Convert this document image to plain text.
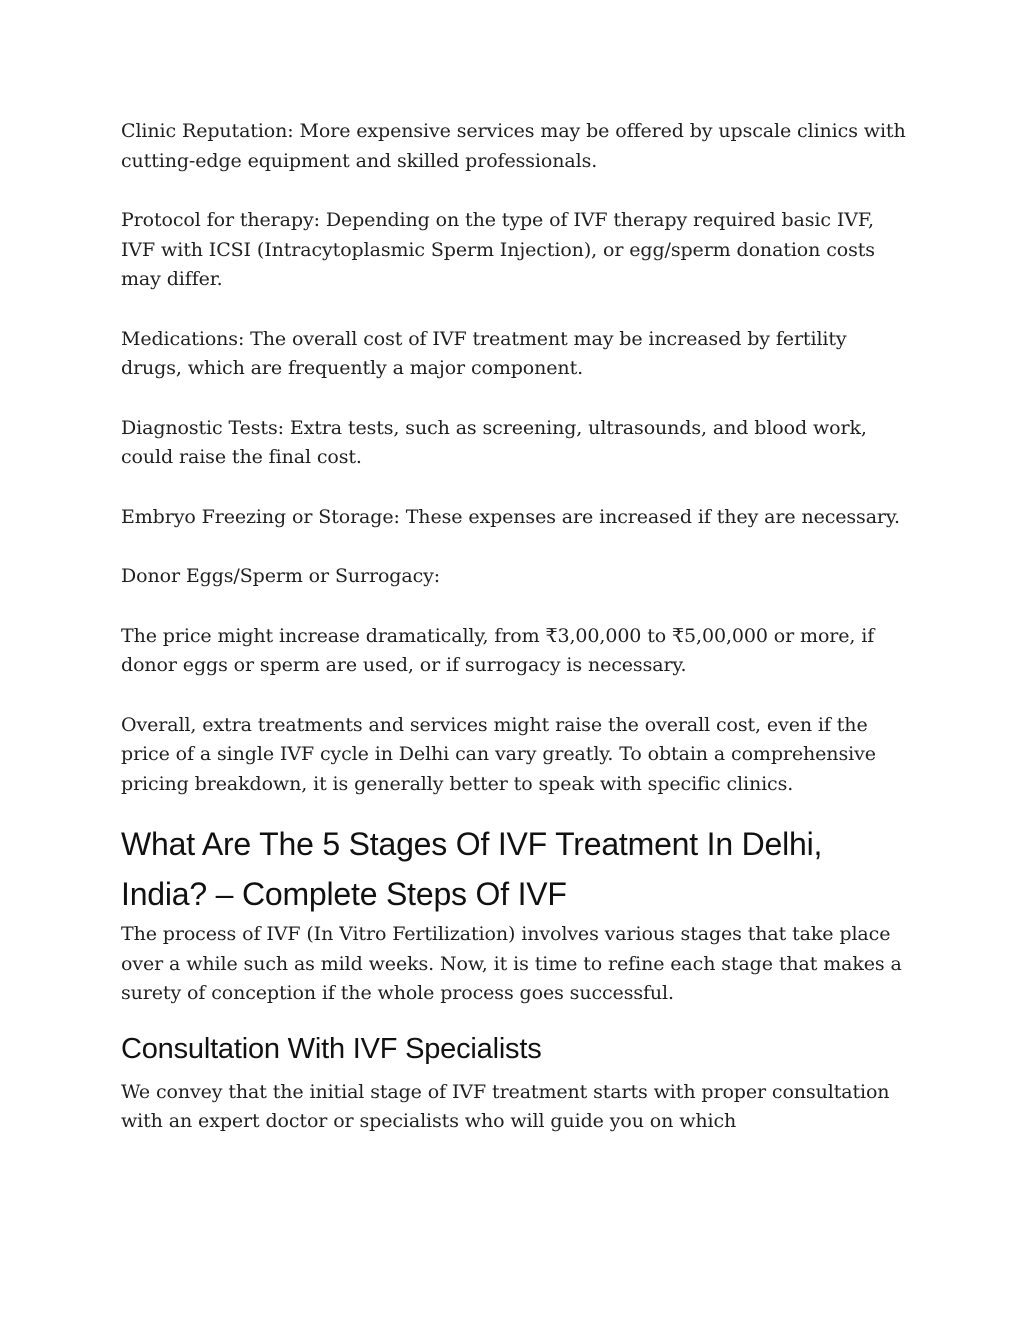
Clinic Reputation: More expensive services may be offered by upscale clinics with cutting-edge equipment and skilled professionals.

Protocol for therapy: Depending on the type of IVF therapy required basic IVF, IVF with ICSI (Intracytoplasmic Sperm Injection), or egg/sperm donation costs may differ.

Medications: The overall cost of IVF treatment may be increased by fertility drugs, which are frequently a major component.

Diagnostic Tests: Extra tests, such as screening, ultrasounds, and blood work, could raise the final cost.

Embryo Freezing or Storage: These expenses are increased if they are necessary.

Donor Eggs/Sperm or Surrogacy:

The price might increase dramatically, from ₹3,00,000 to ₹5,00,000 or more, if donor eggs or sperm are used, or if surrogacy is necessary.

Overall, extra treatments and services might raise the overall cost, even if the price of a single IVF cycle in Delhi can vary greatly. To obtain a comprehensive pricing breakdown, it is generally better to speak with specific clinics.

What Are The 5 Stages Of IVF Treatment In Delhi, India? – Complete Steps Of IVF

The process of IVF (In Vitro Fertilization) involves various stages that take place over a while such as mild weeks. Now, it is time to refine each stage that makes a surety of conception if the whole process goes successful.

Consultation With IVF Specialists

We convey that the initial stage of IVF treatment starts with proper consultation with an expert doctor or specialists who will guide you on which
